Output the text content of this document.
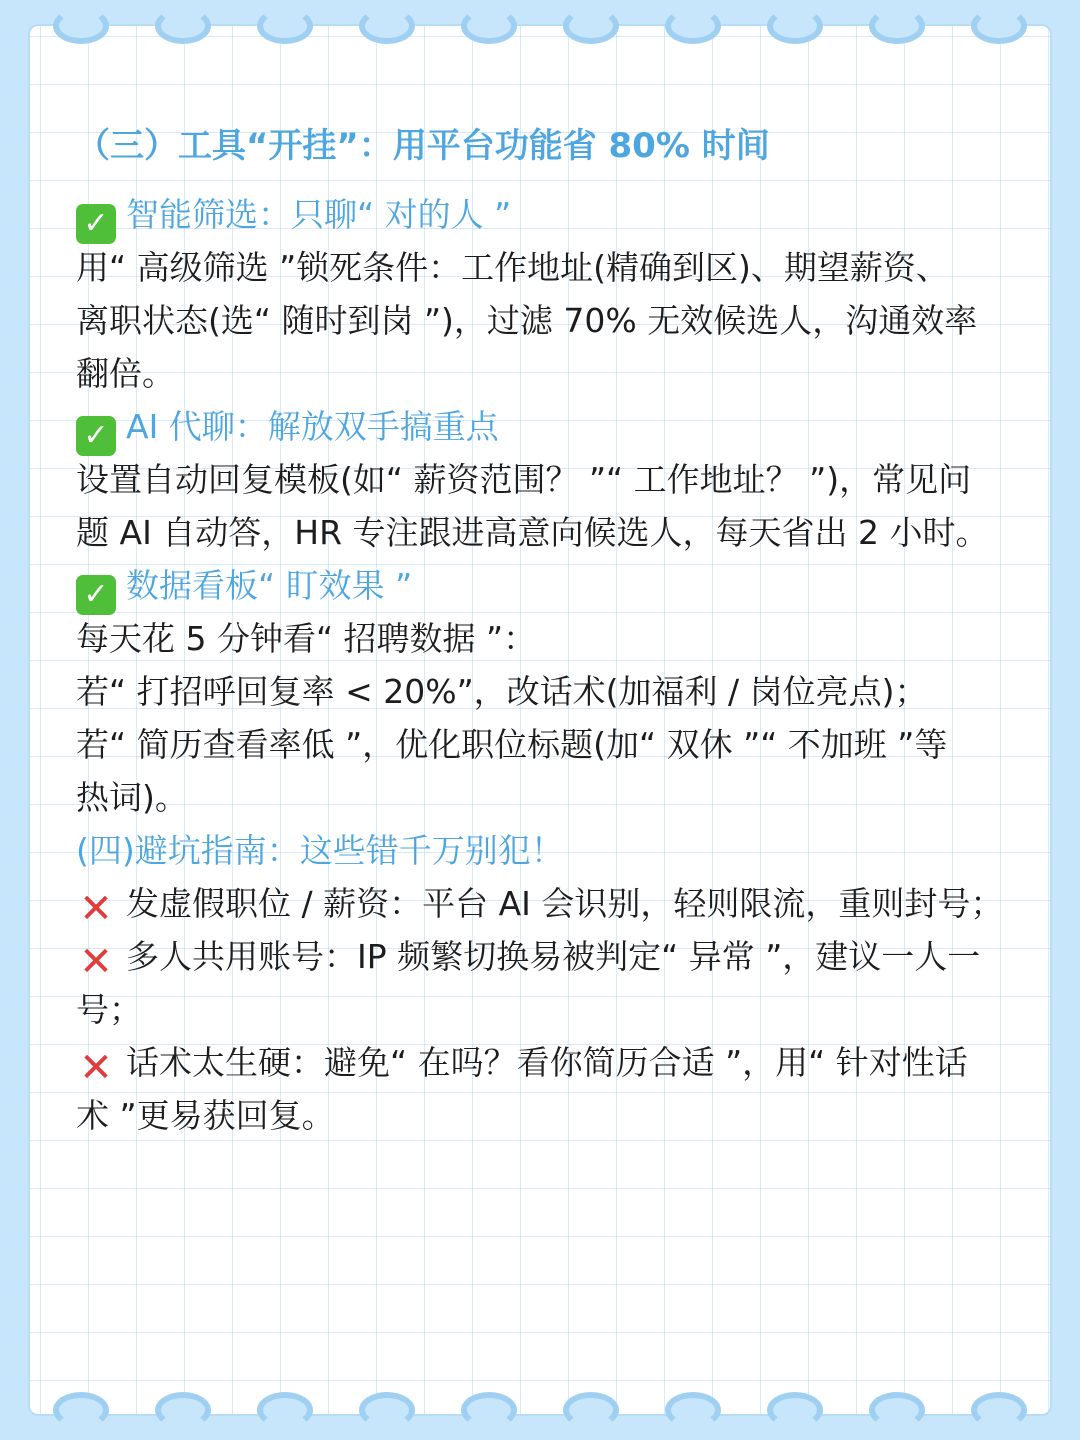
（三）工具“开挂”：用平台功能省 80% 时间
✓ 智能筛选：只聊“ 对的人 ”
用“ 高级筛选 ”锁死条件：工作地址(精确到区)、期望薪资、
离职状态(选“ 随时到岗 ”)，过滤 70% 无效候选人，沟通效率
翻倍。
✓ AI 代聊：解放双手搞重点
设置自动回复模板(如“ 薪资范围？ ”“ 工作地址？ ”)，常见问
题 AI 自动答，HR 专注跟进高意向候选人，每天省出 2 小时。
✓ 数据看板“ 盯效果 ”
每天花 5 分钟看“ 招聘数据 ”：
若“ 打招呼回复率 < 20%”，改话术(加福利 / 岗位亮点)；
若“ 简历查看率低 ”，优化职位标题(加“ 双休 ”“ 不加班 ”等
热词)。
(四)避坑指南：这些错千万别犯！
✕ 发虚假职位 / 薪资：平台 AI 会识别，轻则限流，重则封号；
✕ 多人共用账号：IP 频繁切换易被判定“ 异常 ”，建议一人一
号；
✕ 话术太生硬：避免“ 在吗？看你简历合适 ”，用“ 针对性话
术 ”更易获回复。
